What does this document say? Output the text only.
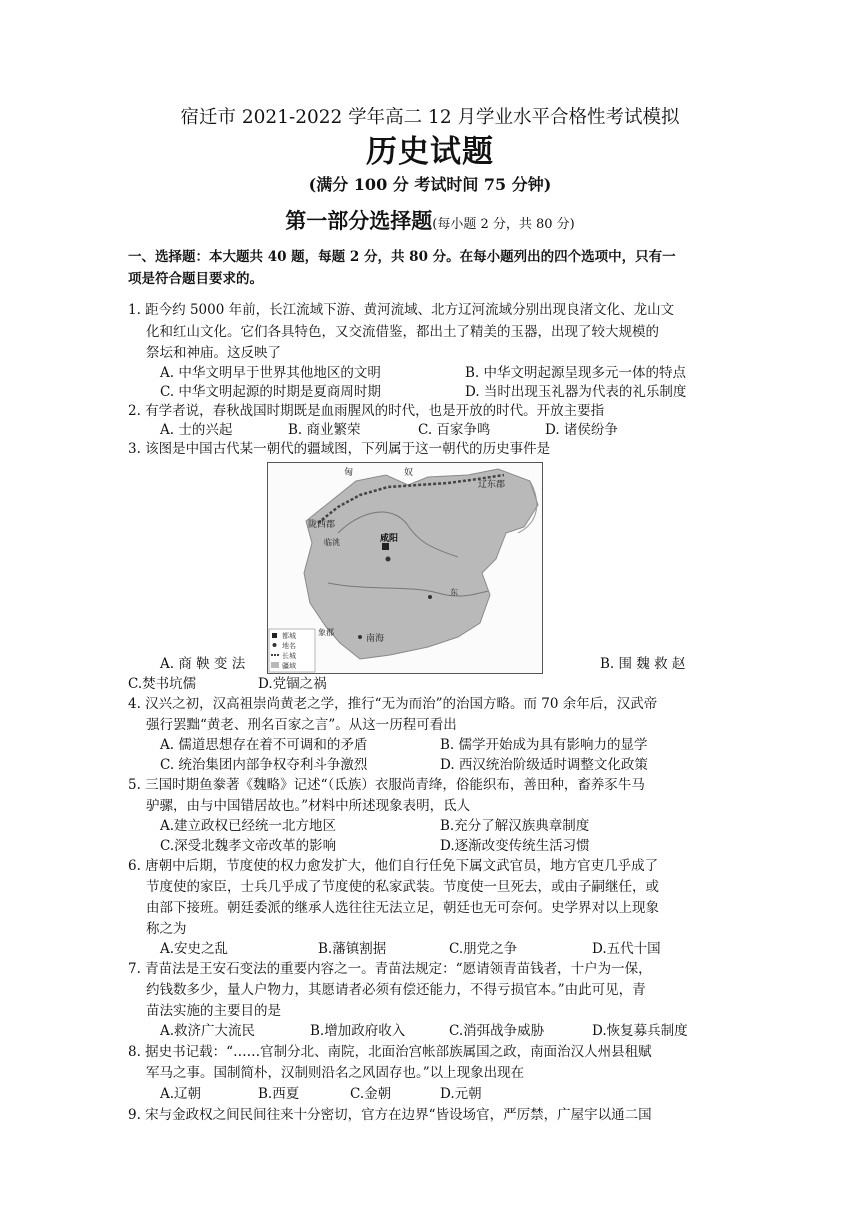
宿迁市 2021-2022 学年高二 12 月学业水平合格性考试模拟
历史试题
(满分 100 分 考试时间 75 分钟)
第一部分选择题(每小题 2 分，共 80 分)
一、选择题：本大题共 40 题，每题 2 分，共 80 分。在每小题列出的四个选项中，只有一
项是符合题目要求的。
1. 距今约 5000 年前，长江流域下游、黄河流域、北方辽河流域分别出现良渚文化、龙山文
化和红山文化。它们各具特色，又交流借鉴，都出土了精美的玉器，出现了较大规模的
祭坛和神庙。这反映了
A. 中华文明早于世界其他地区的文明	B. 中华文明起源呈现多元一体的特点
C. 中华文明起源的时期是夏商周时期	D. 当时出现玉礼器为代表的礼乐制度
2. 有学者说，春秋战国时期既是血雨腥风的时代，也是开放的时代。开放主要指
A. 士的兴起	B. 商业繁荣	C. 百家争鸣	D. 诸侯纷争
3. 该图是中国古代某一朝代的疆域图，下列属于这一朝代的历史事件是
匈	奴
辽东郡
陇西郡
临洮	咸阳
东
南海
象郡
都城
地名
长城
疆域
A. 商 鞅 变 法	B. 围 魏 救 赵
C.焚书坑儒	D.党锢之祸
4. 汉兴之初，汉高祖崇尚黄老之学，推行“无为而治”的治国方略。而 70 余年后，汉武帝
强行罢黜“黄老、刑名百家之言”。从这一历程可看出
A. 儒道思想存在着不可调和的矛盾	B. 儒学开始成为具有影响力的显学
C. 统治集团内部争权夺利斗争激烈	D. 西汉统治阶级适时调整文化政策
5. 三国时期鱼豢著《魏略》记述“（氐族）衣服尚青绛，俗能织布，善田种，畜养豕牛马
驴骡，由与中国错居故也。”材料中所述现象表明，氐人
A.建立政权已经统一北方地区	B.充分了解汉族典章制度
C.深受北魏孝文帝改革的影响	D.逐渐改变传统生活习惯
6. 唐朝中后期，节度使的权力愈发扩大，他们自行任免下属文武官员，地方官吏几乎成了
节度使的家臣，士兵几乎成了节度使的私家武装。节度使一旦死去，或由子嗣继任，或
由部下接班。朝廷委派的继承人选往往无法立足，朝廷也无可奈何。史学界对以上现象
称之为
A.安史之乱	B.藩镇割据	C.朋党之争	D.五代十国
7. 青苗法是王安石变法的重要内容之一。青苗法规定：“愿请领青苗钱者，十户为一保，
约钱数多少，量人户物力，其愿请者必须有偿还能力，不得亏损官本。”由此可见，青
苗法实施的主要目的是
A.救济广大流民	B.增加政府收入	C.消弭战争威胁	D.恢复募兵制度
8. 据史书记载：“……官制分北、南院，北面治宫帐部族属国之政，南面治汉人州县租赋
军马之事。国制简朴，汉制则沿名之风固存也。”以上现象出现在
A.辽朝	B.西夏	C.金朝	D.元朝
9. 宋与金政权之间民间往来十分密切，官方在边界“皆设场官，严厉禁，广屋宇以通二国
